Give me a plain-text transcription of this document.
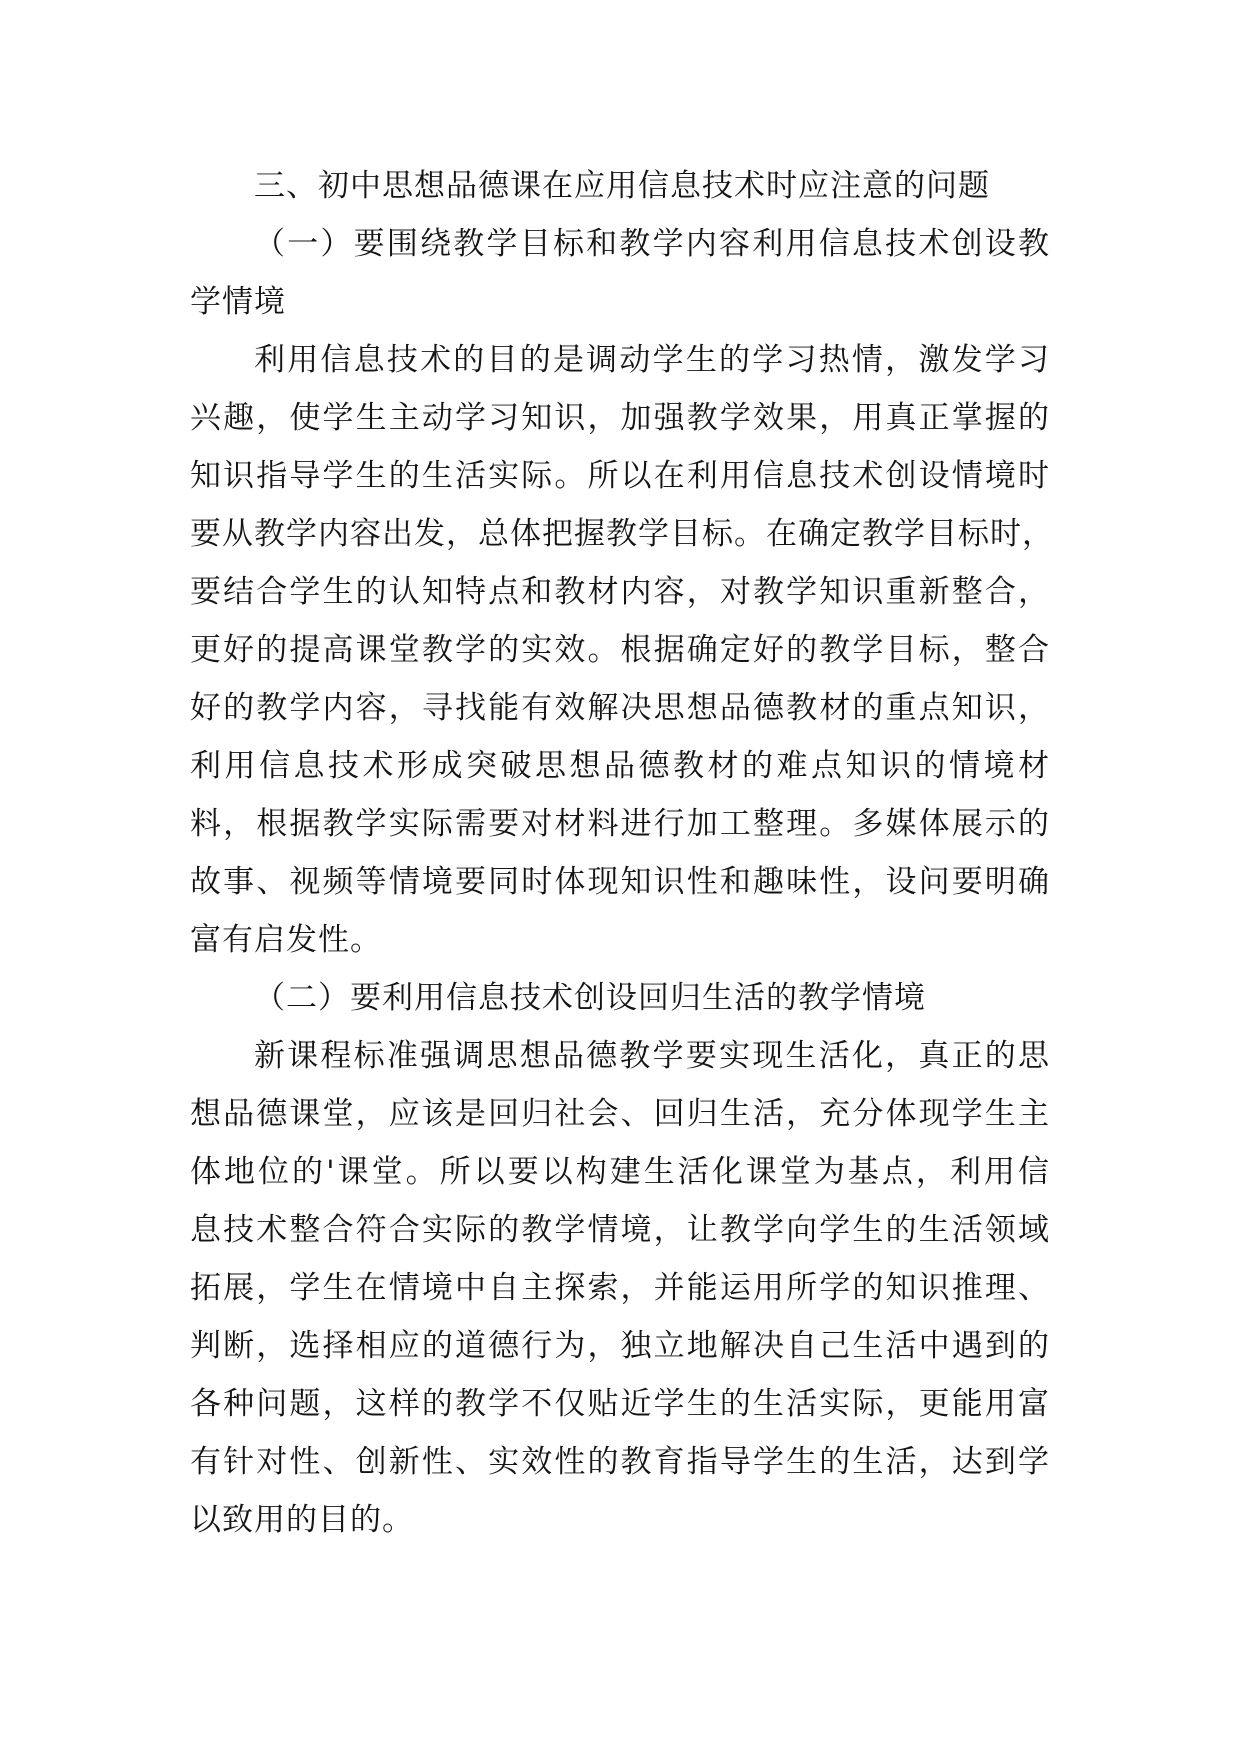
三、初中思想品德课在应用信息技术时应注意的问题
（一）要围绕教学目标和教学内容利用信息技术创设教
学情境
利用信息技术的目的是调动学生的学习热情，激发学习
兴趣，使学生主动学习知识，加强教学效果，用真正掌握的
知识指导学生的生活实际。所以在利用信息技术创设情境时
要从教学内容出发，总体把握教学目标。在确定教学目标时，
要结合学生的认知特点和教材内容，对教学知识重新整合，
更好的提高课堂教学的实效。根据确定好的教学目标，整合
好的教学内容，寻找能有效解决思想品德教材的重点知识，
利用信息技术形成突破思想品德教材的难点知识的情境材
料，根据教学实际需要对材料进行加工整理。多媒体展示的
故事、视频等情境要同时体现知识性和趣味性，设问要明确
富有启发性。
（二）要利用信息技术创设回归生活的教学情境
新课程标准强调思想品德教学要实现生活化，真正的思
想品德课堂，应该是回归社会、回归生活，充分体现学生主
体地位的'课堂。所以要以构建生活化课堂为基点，利用信
息技术整合符合实际的教学情境，让教学向学生的生活领域
拓展，学生在情境中自主探索，并能运用所学的知识推理、
判断，选择相应的道德行为，独立地解决自己生活中遇到的
各种问题，这样的教学不仅贴近学生的生活实际，更能用富
有针对性、创新性、实效性的教育指导学生的生活，达到学
以致用的目的。
